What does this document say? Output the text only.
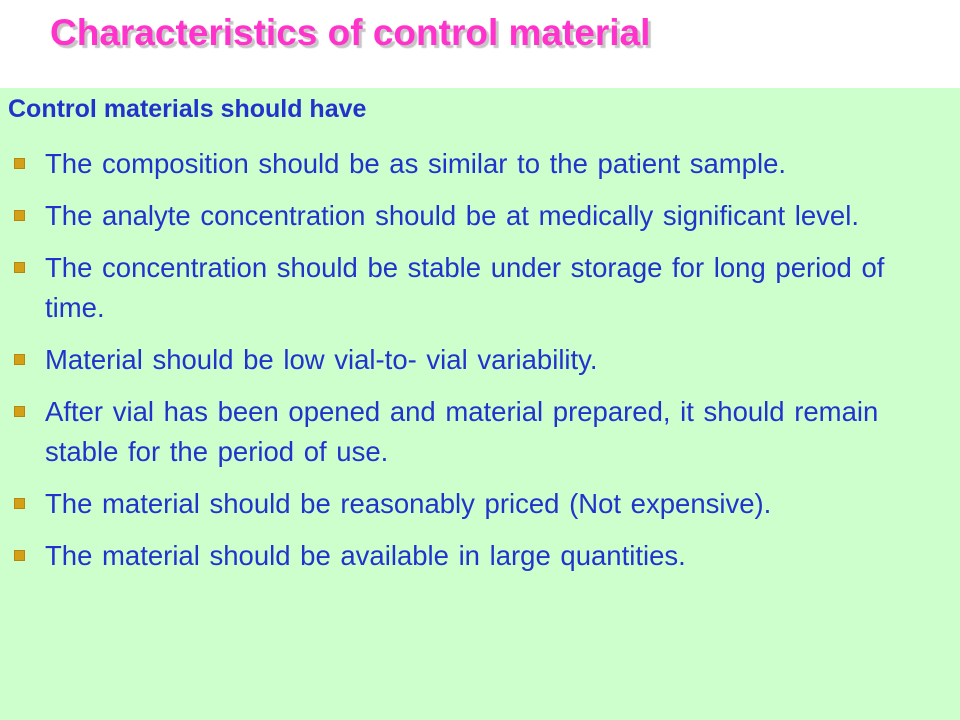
Characteristics of control material
Control materials should have
The composition should be as similar to the patient sample.
The analyte concentration should be at medically significant level.
The concentration should be stable under storage for long period of time.
Material should be low vial-to- vial variability.
After vial has been opened and material prepared, it should remain stable for the period of use.
The material should be reasonably priced (Not expensive).
The material should be available in large quantities.
